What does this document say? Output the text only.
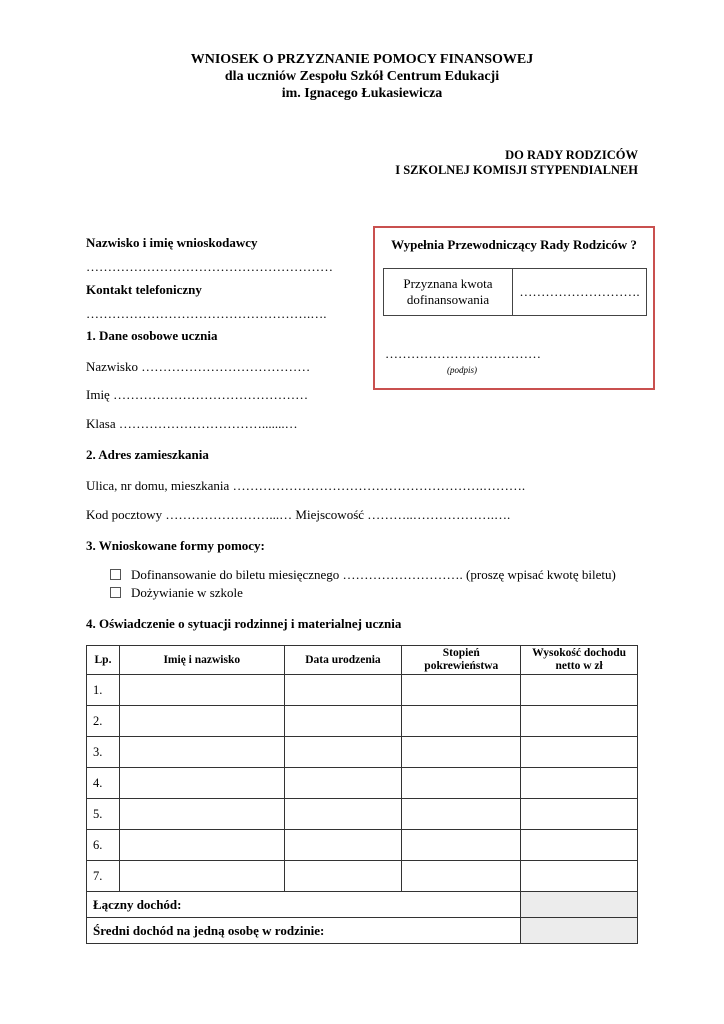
WNIOSEK O PRZYZNANIE POMOCY FINANSOWEJ
dla uczniów Zespołu Szkół Centrum Edukacji
im. Ignacego Łukasiewicza
DO RADY RODZICÓW
I SZKOLNEJ KOMISJI STYPENDIALNEH
Nazwisko i imię wnioskodawcy
…………………………………………………
Kontakt telefoniczny
…………………………………………….….
Wypełnia Przewodniczący Rady Rodziców ?
Przyznana kwota dofinansowania
……………………….
………………………………
(podpis)
1. Dane osobowe ucznia
Nazwisko …………………………………
Imię ………………………………………
Klasa …………………………….......…
2. Adres zamieszkania
Ulica, nr domu, mieszkania ………………………………………………….……….
Kod pocztowy ……………………...… Miejscowość ………..……………….….
3. Wnioskowane formy pomocy:
Dofinansowanie do biletu miesięcznego ………………………. (proszę wpisać kwotę biletu)
Dożywianie w szkole
4. Oświadczenie o sytuacji rodzinnej i materialnej ucznia
Lp.	Imię i nazwisko	Data urodzenia	Stopień pokrewieństwa	Wysokość dochodu netto w zł
1.				
2.				
3.				
4.				
5.				
6.				
7.				
Łączny dochód:				
Średni dochód na jedną osobę w rodzinie:				
